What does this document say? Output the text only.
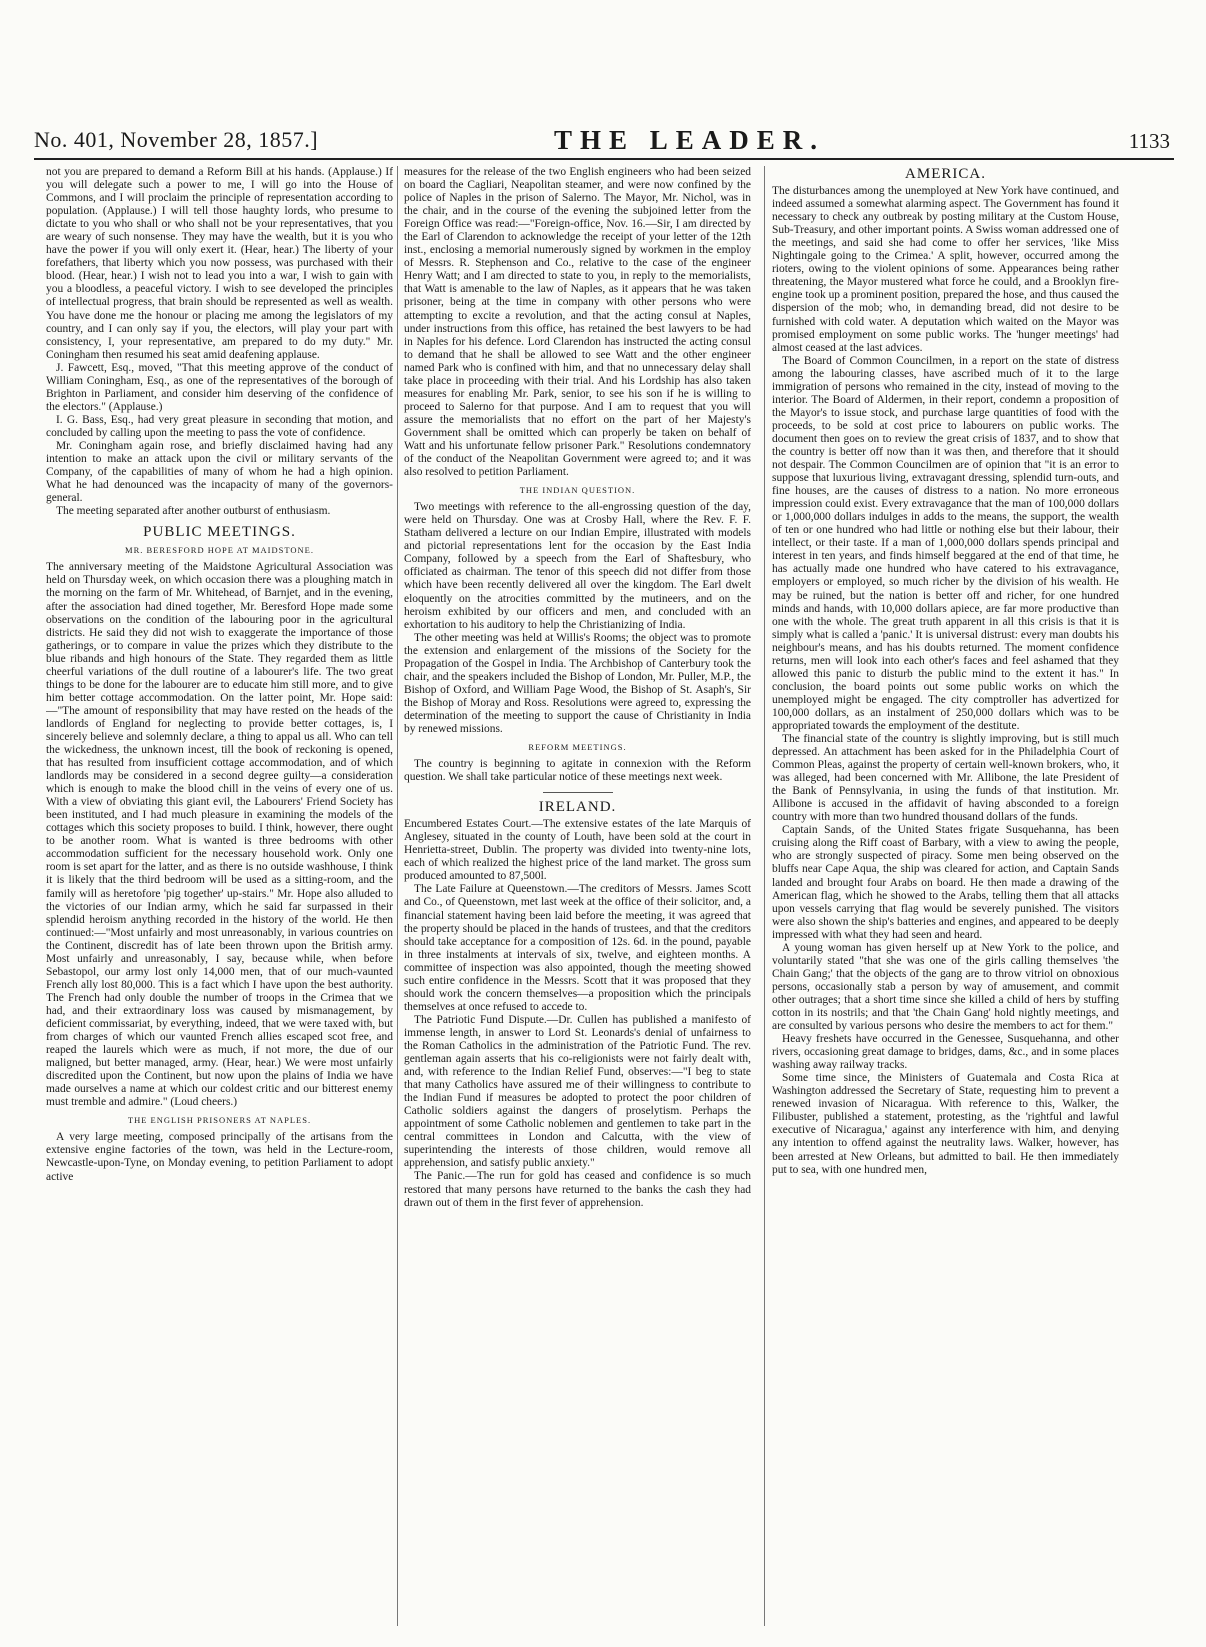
No. 401, November 28, 1857.]	THE LEADER.	1133

not you are prepared to demand a Reform Bill at his hands. (Applause.) If you will delegate such a power to me, I will go into the House of Commons, and I will proclaim the principle of representation according to population. (Applause.) I will tell those haughty lords, who presume to dictate to you who shall or who shall not be your representatives, that you are weary of such nonsense. They may have the wealth, but it is you who have the power if you will only exert it. (Hear, hear.) The liberty of your forefathers, that liberty which you now possess, was purchased with their blood. (Hear, hear.) I wish not to lead you into a war, I wish to gain with you a bloodless, a peaceful victory. I wish to see developed the principles of intellectual progress, that brain should be represented as well as wealth. You have done me the honour or placing me among the legislators of my country, and I can only say if you, the electors, will play your part with consistency, I, your representative, am prepared to do my duty." Mr. Coningham then resumed his seat amid deafening applause.

J. Fawcett, Esq., moved, "That this meeting approve of the conduct of William Coningham, Esq., as one of the representatives of the borough of Brighton in Parliament, and consider him deserving of the confidence of the electors." (Applause.)

I. G. Bass, Esq., had very great pleasure in seconding that motion, and concluded by calling upon the meeting to pass the vote of confidence.

Mr. Coningham again rose, and briefly disclaimed having had any intention to make an attack upon the civil or military servants of the Company, of the capabilities of many of whom he had a high opinion. What he had denounced was the incapacity of many of the governors-general.

The meeting separated after another outburst of enthusiasm.

PUBLIC MEETINGS.
MR. BERESFORD HOPE AT MAIDSTONE.

The anniversary meeting of the Maidstone Agricultural Association was held on Thursday week, on which occasion there was a ploughing match in the morning on the farm of Mr. Whitehead, of Barnjet, and in the evening, after the association had dined together, Mr. Beresford Hope made some observations on the condition of the labouring poor in the agricultural districts. He said they did not wish to exaggerate the importance of those gatherings, or to compare in value the prizes which they distribute to the blue ribands and high honours of the State. They regarded them as little cheerful variations of the dull routine of a labourer's life. The two great things to be done for the labourer are to educate him still more, and to give him better cottage accommodation. On the latter point, Mr. Hope said:—"The amount of responsibility that may have rested on the heads of the landlords of England for neglecting to provide better cottages, is, I sincerely believe and solemnly declare, a thing to appal us all. Who can tell the wickedness, the unknown incest, till the book of reckoning is opened, that has resulted from insufficient cottage accommodation, and of which landlords may be considered in a second degree guilty—a consideration which is enough to make the blood chill in the veins of every one of us. With a view of obviating this giant evil, the Labourers' Friend Society has been instituted, and I had much pleasure in examining the models of the cottages which this society proposes to build. I think, however, there ought to be another room. What is wanted is three bedrooms with other accommodation sufficient for the necessary household work. Only one room is set apart for the latter, and as there is no outside washhouse, I think it is likely that the third bedroom will be used as a sitting-room, and the family will as heretofore 'pig together' up-stairs." Mr. Hope also alluded to the victories of our Indian army, which he said far surpassed in their splendid heroism anything recorded in the history of the world. He then continued:—"Most unfairly and most unreasonably, in various countries on the Continent, discredit has of late been thrown upon the British army. Most unfairly and unreasonably, I say, because while, when before Sebastopol, our army lost only 14,000 men, that of our much-vaunted French ally lost 80,000. This is a fact which I have upon the best authority. The French had only double the number of troops in the Crimea that we had, and their extraordinary loss was caused by mismanagement, by deficient commissariat, by everything, indeed, that we were taxed with, but from charges of which our vaunted French allies escaped scot free, and reaped the laurels which were as much, if not more, the due of our maligned, but better managed, army. (Hear, hear.) We were most unfairly discredited upon the Continent, but now upon the plains of India we have made ourselves a name at which our coldest critic and our bitterest enemy must tremble and admire." (Loud cheers.)

THE ENGLISH PRISONERS AT NAPLES.

A very large meeting, composed principally of the artisans from the extensive engine factories of the town, was held in the Lecture-room, Newcastle-upon-Tyne, on Monday evening, to petition Parliament to adopt active

measures for the release of the two English engineers who had been seized on board the Cagliari, Neapolitan steamer, and were now confined by the police of Naples in the prison of Salerno. The Mayor, Mr. Nichol, was in the chair, and in the course of the evening the subjoined letter from the Foreign Office was read:—"Foreign-office, Nov. 16.—Sir, I am directed by the Earl of Clarendon to acknowledge the receipt of your letter of the 12th inst., enclosing a memorial numerously signed by workmen in the employ of Messrs. R. Stephenson and Co., relative to the case of the engineer Henry Watt; and I am directed to state to you, in reply to the memorialists, that Watt is amenable to the law of Naples, as it appears that he was taken prisoner, being at the time in company with other persons who were attempting to excite a revolution, and that the acting consul at Naples, under instructions from this office, has retained the best lawyers to be had in Naples for his defence. Lord Clarendon has instructed the acting consul to demand that he shall be allowed to see Watt and the other engineer named Park who is confined with him, and that no unnecessary delay shall take place in proceeding with their trial. And his Lordship has also taken measures for enabling Mr. Park, senior, to see his son if he is willing to proceed to Salerno for that purpose. And I am to request that you will assure the memorialists that no effort on the part of her Majesty's Government shall be omitted which can properly be taken on behalf of Watt and his unfortunate fellow prisoner Park." Resolutions condemnatory of the conduct of the Neapolitan Government were agreed to; and it was also resolved to petition Parliament.

THE INDIAN QUESTION.

Two meetings with reference to the all-engrossing question of the day, were held on Thursday. One was at Crosby Hall, where the Rev. F. F. Statham delivered a lecture on our Indian Empire, illustrated with models and pictorial representations lent for the occasion by the East India Company, followed by a speech from the Earl of Shaftesbury, who officiated as chairman. The tenor of this speech did not differ from those which have been recently delivered all over the kingdom. The Earl dwelt eloquently on the atrocities committed by the mutineers, and on the heroism exhibited by our officers and men, and concluded with an exhortation to his auditory to help the Christianizing of India.

The other meeting was held at Willis's Rooms; the object was to promote the extension and enlargement of the missions of the Society for the Propagation of the Gospel in India. The Archbishop of Canterbury took the chair, and the speakers included the Bishop of London, Mr. Puller, M.P., the Bishop of Oxford, and William Page Wood, the Bishop of St. Asaph's, Sir the Bishop of Moray and Ross. Resolutions were agreed to, expressing the determination of the meeting to support the cause of Christianity in India by renewed missions.

REFORM MEETINGS.

The country is beginning to agitate in connexion with the Reform question. We shall take particular notice of these meetings next week.

IRELAND.

Encumbered Estates Court.—The extensive estates of the late Marquis of Anglesey, situated in the county of Louth, have been sold at the court in Henrietta-street, Dublin. The property was divided into twenty-nine lots, each of which realized the highest price of the land market. The gross sum produced amounted to 87,500l.

The Late Failure at Queenstown.—The creditors of Messrs. James Scott and Co., of Queenstown, met last week at the office of their solicitor, and, a financial statement having been laid before the meeting, it was agreed that the property should be placed in the hands of trustees, and that the creditors should take acceptance for a composition of 12s. 6d. in the pound, payable in three instalments at intervals of six, twelve, and eighteen months. A committee of inspection was also appointed, though the meeting showed such entire confidence in the Messrs. Scott that it was proposed that they should work the concern themselves—a proposition which the principals themselves at once refused to accede to.

The Patriotic Fund Dispute.—Dr. Cullen has published a manifesto of immense length, in answer to Lord St. Leonards's denial of unfairness to the Roman Catholics in the administration of the Patriotic Fund. The rev. gentleman again asserts that his co-religionists were not fairly dealt with, and, with reference to the Indian Relief Fund, observes:—"I beg to state that many Catholics have assured me of their willingness to contribute to the Indian Fund if measures be adopted to protect the poor children of Catholic soldiers against the dangers of proselytism. Perhaps the appointment of some Catholic noblemen and gentlemen to take part in the central committees in London and Calcutta, with the view of superintending the interests of those children, would remove all apprehension, and satisfy public anxiety."

The Panic.—The run for gold has ceased and confidence is so much restored that many persons have returned to the banks the cash they had drawn out of them in the first fever of apprehension.

AMERICA.

The disturbances among the unemployed at New York have continued, and indeed assumed a somewhat alarming aspect. The Government has found it necessary to check any outbreak by posting military at the Custom House, Sub-Treasury, and other important points. A Swiss woman addressed one of the meetings, and said she had come to offer her services, 'like Miss Nightingale going to the Crimea.' A split, however, occurred among the rioters, owing to the violent opinions of some. Appearances being rather threatening, the Mayor mustered what force he could, and a Brooklyn fire-engine took up a prominent position, prepared the hose, and thus caused the dispersion of the mob; who, in demanding bread, did not desire to be furnished with cold water. A deputation which waited on the Mayor was promised employment on some public works. The 'hunger meetings' had almost ceased at the last advices.

The Board of Common Councilmen, in a report on the state of distress among the labouring classes, have ascribed much of it to the large immigration of persons who remained in the city, instead of moving to the interior. The Board of Aldermen, in their report, condemn a proposition of the Mayor's to issue stock, and purchase large quantities of food with the proceeds, to be sold at cost price to labourers on public works. The document then goes on to review the great crisis of 1837, and to show that the country is better off now than it was then, and therefore that it should not despair. The Common Councilmen are of opinion that "it is an error to suppose that luxurious living, extravagant dressing, splendid turn-outs, and fine houses, are the causes of distress to a nation. No more erroneous impression could exist. Every extravagance that the man of 100,000 dollars or 1,000,000 dollars indulges in adds to the means, the support, the wealth of ten or one hundred who had little or nothing else but their labour, their intellect, or their taste. If a man of 1,000,000 dollars spends principal and interest in ten years, and finds himself beggared at the end of that time, he has actually made one hundred who have catered to his extravagance, employers or employed, so much richer by the division of his wealth. He may be ruined, but the nation is better off and richer, for one hundred minds and hands, with 10,000 dollars apiece, are far more productive than one with the whole. The great truth apparent in all this crisis is that it is simply what is called a 'panic.' It is universal distrust: every man doubts his neighbour's means, and has his doubts returned. The moment confidence returns, men will look into each other's faces and feel ashamed that they allowed this panic to disturb the public mind to the extent it has." In conclusion, the board points out some public works on which the unemployed might be engaged. The city comptroller has advertized for 100,000 dollars, as an instalment of 250,000 dollars which was to be appropriated towards the employment of the destitute.

The financial state of the country is slightly improving, but is still much depressed. An attachment has been asked for in the Philadelphia Court of Common Pleas, against the property of certain well-known brokers, who, it was alleged, had been concerned with Mr. Allibone, the late President of the Bank of Pennsylvania, in using the funds of that institution. Mr. Allibone is accused in the affidavit of having absconded to a foreign country with more than two hundred thousand dollars of the funds.

Captain Sands, of the United States frigate Susquehanna, has been cruising along the Riff coast of Barbary, with a view to awing the people, who are strongly suspected of piracy. Some men being observed on the bluffs near Cape Aqua, the ship was cleared for action, and Captain Sands landed and brought four Arabs on board. He then made a drawing of the American flag, which he showed to the Arabs, telling them that all attacks upon vessels carrying that flag would be severely punished. The visitors were also shown the ship's batteries and engines, and appeared to be deeply impressed with what they had seen and heard.

A young woman has given herself up at New York to the police, and voluntarily stated "that she was one of the girls calling themselves 'the Chain Gang;' that the objects of the gang are to throw vitriol on obnoxious persons, occasionally stab a person by way of amusement, and commit other outrages; that a short time since she killed a child of hers by stuffing cotton in its nostrils; and that 'the Chain Gang' hold nightly meetings, and are consulted by various persons who desire the members to act for them."

Heavy freshets have occurred in the Genessee, Susquehanna, and other rivers, occasioning great damage to bridges, dams, &c., and in some places washing away railway tracks.

Some time since, the Ministers of Guatemala and Costa Rica at Washington addressed the Secretary of State, requesting him to prevent a renewed invasion of Nicaragua. With reference to this, Walker, the Filibuster, published a statement, protesting, as the 'rightful and lawful executive of Nicaragua,' against any interference with him, and denying any intention to offend against the neutrality laws. Walker, however, has been arrested at New Orleans, but admitted to bail. He then immediately put to sea, with one hundred men,
